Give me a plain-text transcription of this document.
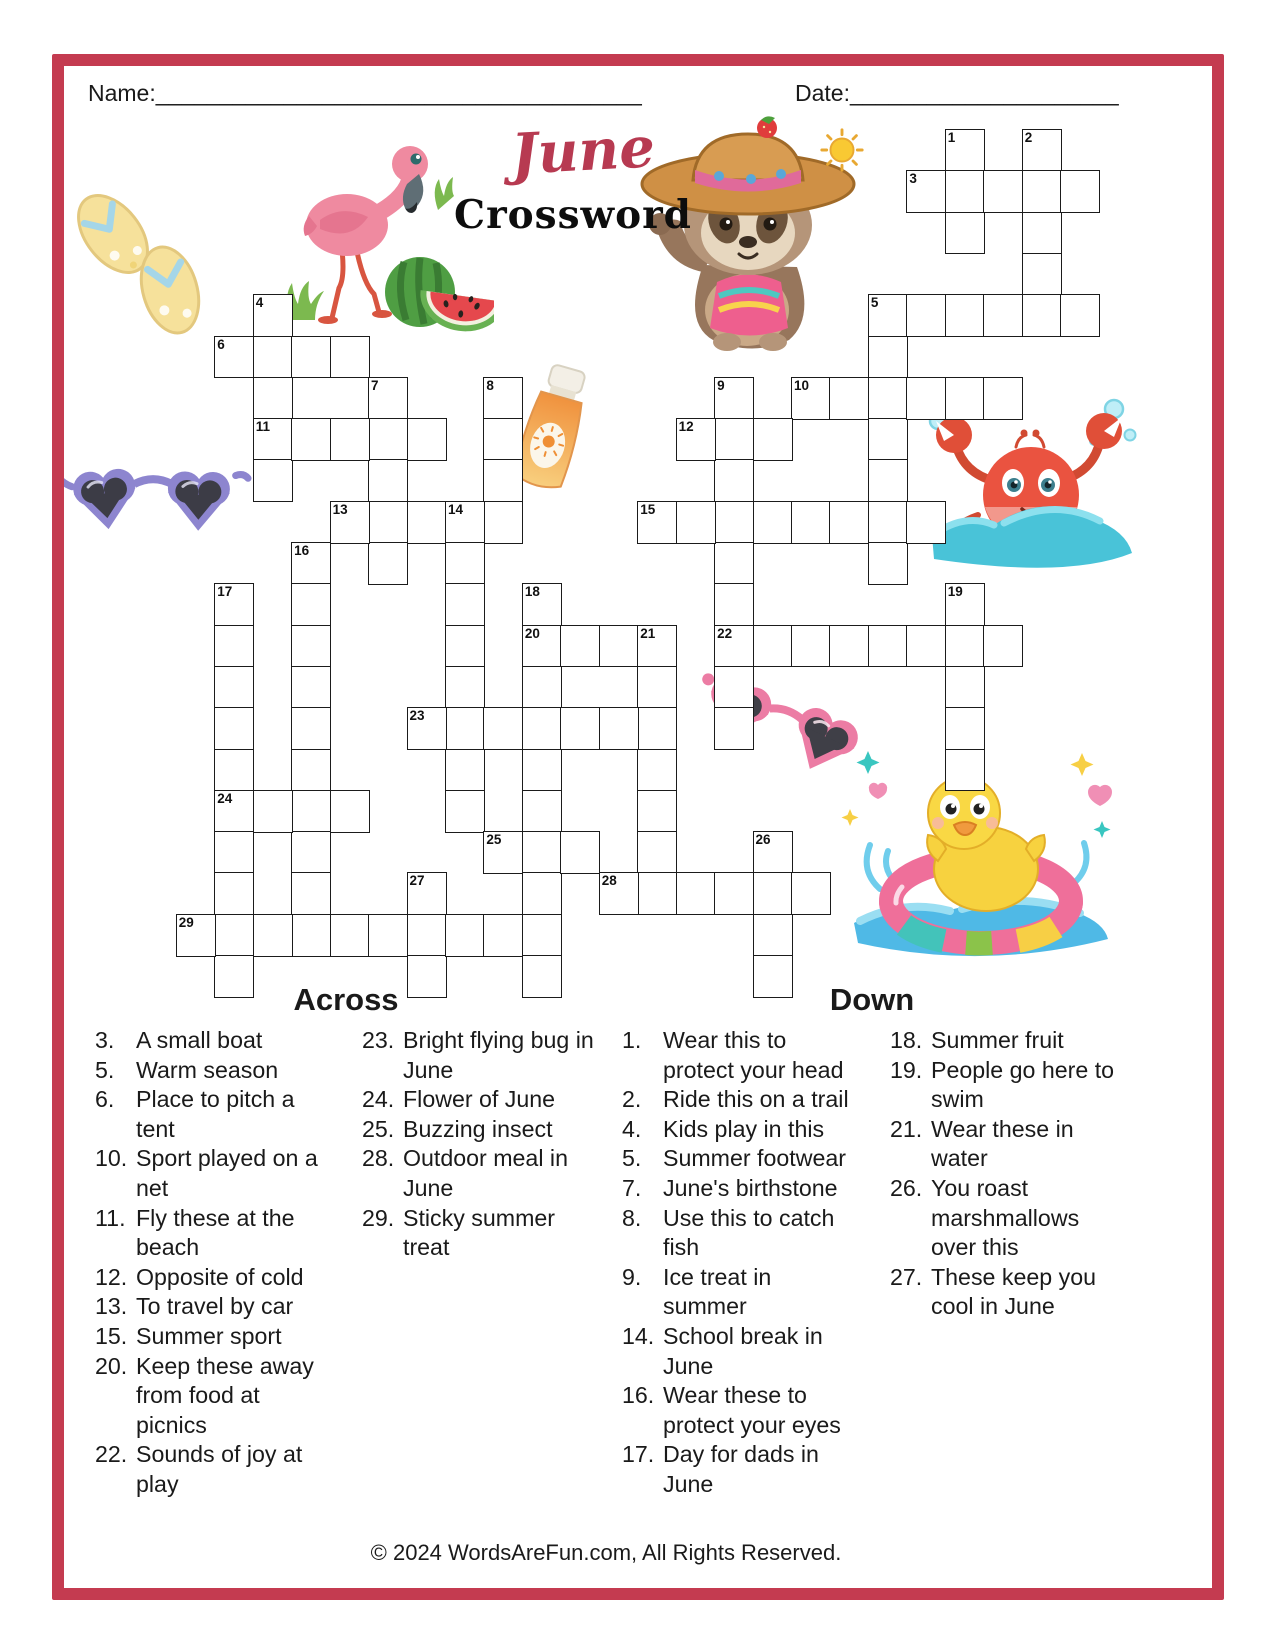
Name:______________________________________	Date:_____________________
June
Crossword
1	2
3
4
11
5
6
7	8	9
22
10
12
13	14	15
16
17
24
18
20
19
21
23
25	26
27	28
29
Across	Down
3. A small boat
5. Warm season
6. Place to pitch a tent
10. Sport played on a net
11. Fly these at the beach
12. Opposite of cold
13. To travel by car
15. Summer sport
20. Keep these away from food at picnics
22. Sounds of joy at play
23. Bright flying bug in June
24. Flower of June
25. Buzzing insect
28. Outdoor meal in June
29. Sticky summer treat
1. Wear this to protect your head
2. Ride this on a trail
4. Kids play in this
5. Summer footwear
7. June's birthstone
8. Use this to catch fish
9. Ice treat in summer
14. School break in June
16. Wear these to protect your eyes
17. Day for dads in June
18. Summer fruit
19. People go here to swim
21. Wear these in water
26. You roast marshmallows over this
27. These keep you cool in June
© 2024 WordsAreFun.com, All Rights Reserved.
